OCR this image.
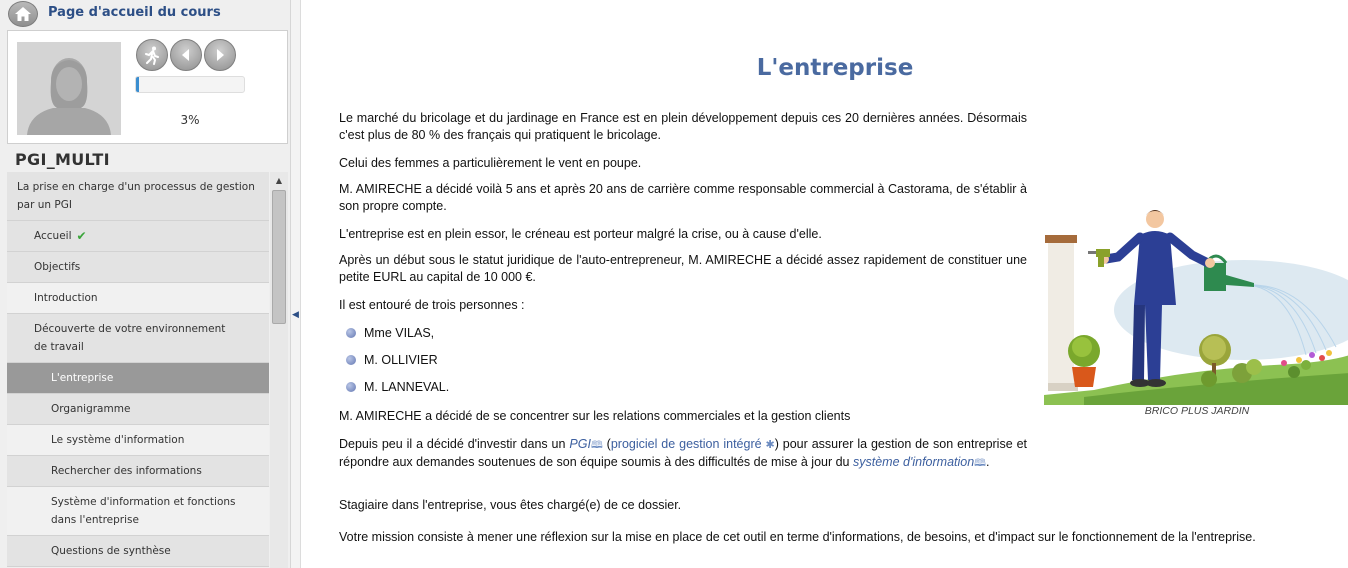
Page d'accueil du cours
3%
PGI_MULTI
La prise en charge d'un processus de gestion par un PGI
Accueil ✔
Objectifs
Introduction
Découverte de votre environnement de travail
L'entreprise
Organigramme
Le système d'information
Rechercher des informations
Système d'information et fonctions dans l'entreprise
Questions de synthèse
▲
◀
L'entreprise

Le marché du bricolage et du jardinage en France est en plein développement depuis ces 20 dernières années. Désormais c'est plus de 80 % des français qui pratiquent le bricolage.

Celui des femmes a particulièrement le vent en poupe.

M. AMIRECHE a décidé voilà 5 ans et après 20 ans de carrière comme responsable commercial à Castorama, de s'établir à son propre compte.

L'entreprise est en plein essor, le créneau est porteur malgré la crise, ou à cause d'elle.

Après un début sous le statut juridique de l'auto-entrepreneur, M. AMIRECHE a décidé assez rapidement de constituer une petite EURL au capital de 10 000 €.

Il est entouré de trois personnes :

Mme VILAS,
M. OLLIVIER
M. LANNEVAL.

M. AMIRECHE a décidé de se concentrer sur les relations commerciales et la gestion clients

Depuis peu il a décidé d'investir dans un PGI🕮 (progiciel de gestion intégré ✱) pour assurer la gestion de son entreprise et répondre aux demandes soutenues de son équipe soumis à des difficultés de mise à jour du système d'information🕮.

Stagiaire dans l'entreprise, vous êtes chargé(e) de ce dossier.

Votre mission consiste à mener une réflexion sur la mise en place de cet outil en terme d'informations, de besoins, et d'impact sur le fonctionnement de la l'entreprise.

BRICO PLUS JARDIN
